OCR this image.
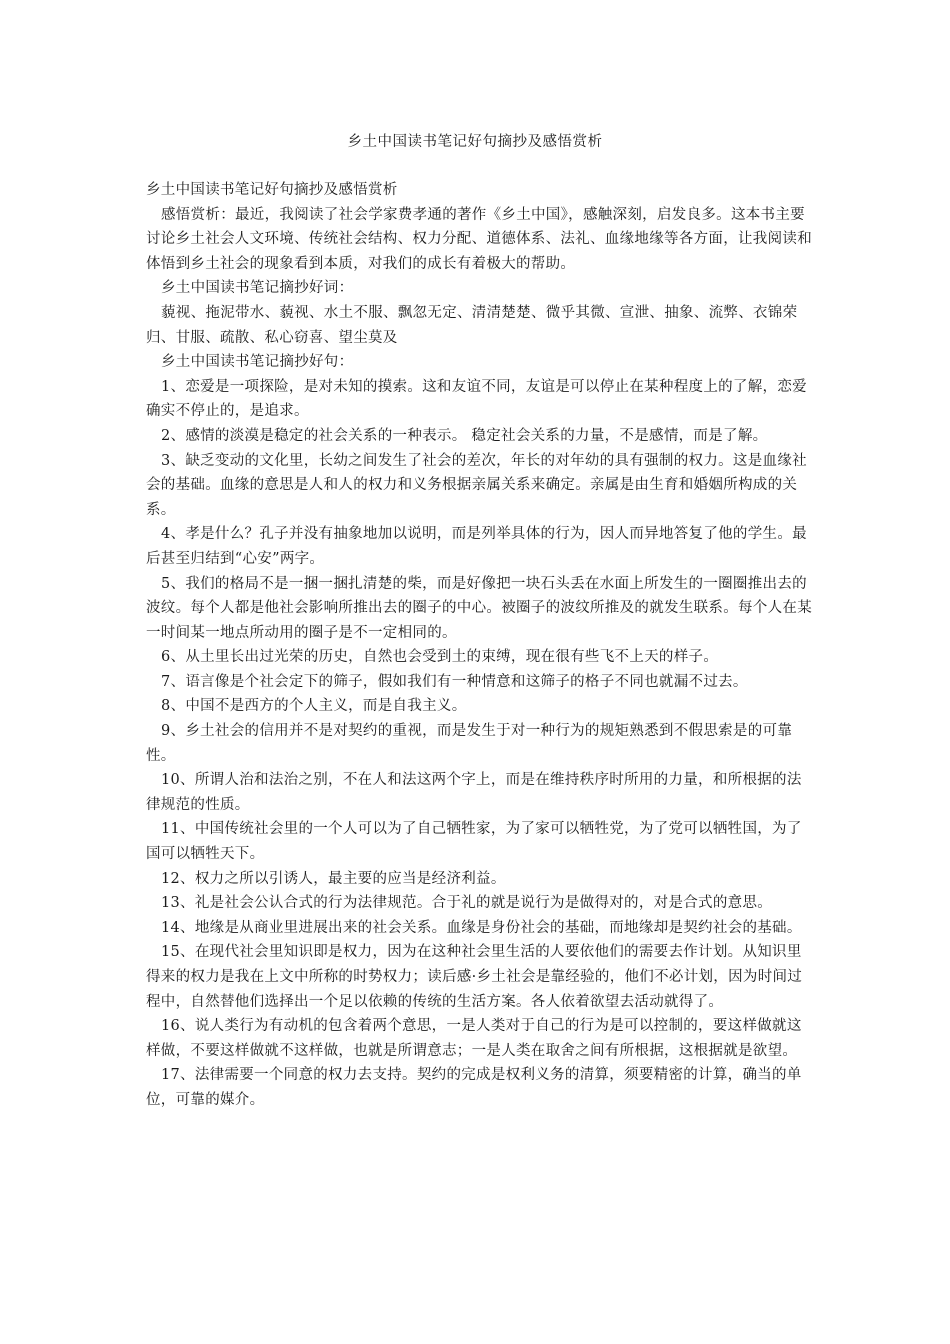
乡土中国读书笔记好句摘抄及感悟赏析

乡土中国读书笔记好句摘抄及感悟赏析

感悟赏析：最近，我阅读了社会学家费孝通的著作《乡土中国》，感触深刻，启发良多。这本书主要讨论乡土社会人文环境、传统社会结构、权力分配、道德体系、法礼、血缘地缘等各方面，让我阅读和体悟到乡土社会的现象看到本质，对我们的成长有着极大的帮助。

乡土中国读书笔记摘抄好词：

藐视、拖泥带水、藐视、水土不服、飘忽无定、清清楚楚、微乎其微、宣泄、抽象、流弊、衣锦荣归、甘服、疏散、私心窃喜、望尘莫及

乡土中国读书笔记摘抄好句：

1、恋爱是一项探险，是对未知的摸索。这和友谊不同，友谊是可以停止在某种程度上的了解，恋爱确实不停止的，是追求。

2、感情的淡漠是稳定的社会关系的一种表示。 稳定社会关系的力量，不是感情，而是了解。

3、缺乏变动的文化里，长幼之间发生了社会的差次，年长的对年幼的具有强制的权力。这是血缘社会的基础。血缘的意思是人和人的权力和义务根据亲属关系来确定。亲属是由生育和婚姻所构成的关系。

4、孝是什么？孔子并没有抽象地加以说明，而是列举具体的行为，因人而异地答复了他的学生。最后甚至归结到“心安”两字。

5、我们的格局不是一捆一捆扎清楚的柴，而是好像把一块石头丢在水面上所发生的一圈圈推出去的波纹。每个人都是他社会影响所推出去的圈子的中心。被圈子的波纹所推及的就发生联系。每个人在某一时间某一地点所动用的圈子是不一定相同的。

6、从土里长出过光荣的历史，自然也会受到土的束缚，现在很有些飞不上天的样子。

7、语言像是个社会定下的筛子，假如我们有一种情意和这筛子的格子不同也就漏不过去。

8、中国不是西方的个人主义，而是自我主义。

9、乡土社会的信用并不是对契约的重视，而是发生于对一种行为的规矩熟悉到不假思索是的可靠性。

10、所谓人治和法治之别，不在人和法这两个字上，而是在维持秩序时所用的力量，和所根据的法律规范的性质。

11、中国传统社会里的一个人可以为了自己牺牲家，为了家可以牺牲党，为了党可以牺牲国，为了国可以牺牲天下。

12、权力之所以引诱人，最主要的应当是经济利益。

13、礼是社会公认合式的行为法律规范。合于礼的就是说行为是做得对的，对是合式的意思。

14、地缘是从商业里进展出来的社会关系。血缘是身份社会的基础，而地缘却是契约社会的基础。

15、在现代社会里知识即是权力，因为在这种社会里生活的人要依他们的需要去作计划。从知识里得来的权力是我在上文中所称的时势权力；读后感·乡土社会是靠经验的，他们不必计划，因为时间过程中，自然替他们选择出一个足以依赖的传统的生活方案。各人依着欲望去活动就得了。

16、说人类行为有动机的包含着两个意思，一是人类对于自己的行为是可以控制的，要这样做就这样做，不要这样做就不这样做，也就是所谓意志；一是人类在取舍之间有所根据，这根据就是欲望。

17、法律需要一个同意的权力去支持。契约的完成是权利义务的清算，须要精密的计算，确当的单位，可靠的媒介。
